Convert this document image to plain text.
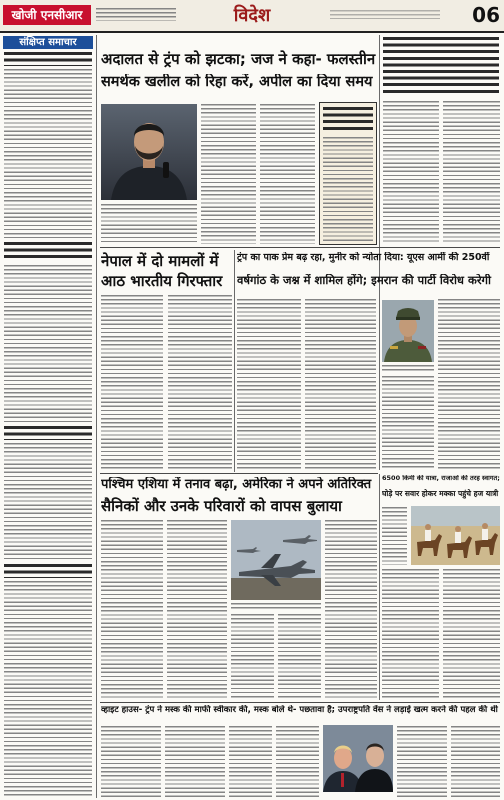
खोजी एनसीआर	विदेश	06
संक्षिप्त समाचार
अदालत से ट्रंप को झटका; जज ने कहा- फलस्तीन
समर्थक खलील को रिहा करें, अपील का दिया समय
नेपाल में दो मामलों में
आठ भारतीय गिरफ्तार
ट्रंप का पाक प्रेम बढ़ रहा, मुनीर को न्योता दिया: यूएस आर्मी की 250वीं
वर्षगांठ के जश्न में शामिल होंगे; इमरान की पार्टी विरोध करेगी
पश्चिम एशिया में तनाव बढ़ा, अमेरिका ने अपने अतिरिक्त
सैनिकों और उनके परिवारों को वापस बुलाया
6500 किमी की यात्रा, राजाओं की तरह स्वागत;
घोड़े पर सवार होकर मक्का पहुंचे हज यात्री
व्हाइट हाउस- ट्रंप ने मस्क की माफी स्वीकार की, मस्क बोले थे- पछतावा है; उपराष्ट्रपति वेंस ने लड़ाई खत्म करने की पहल की थी
